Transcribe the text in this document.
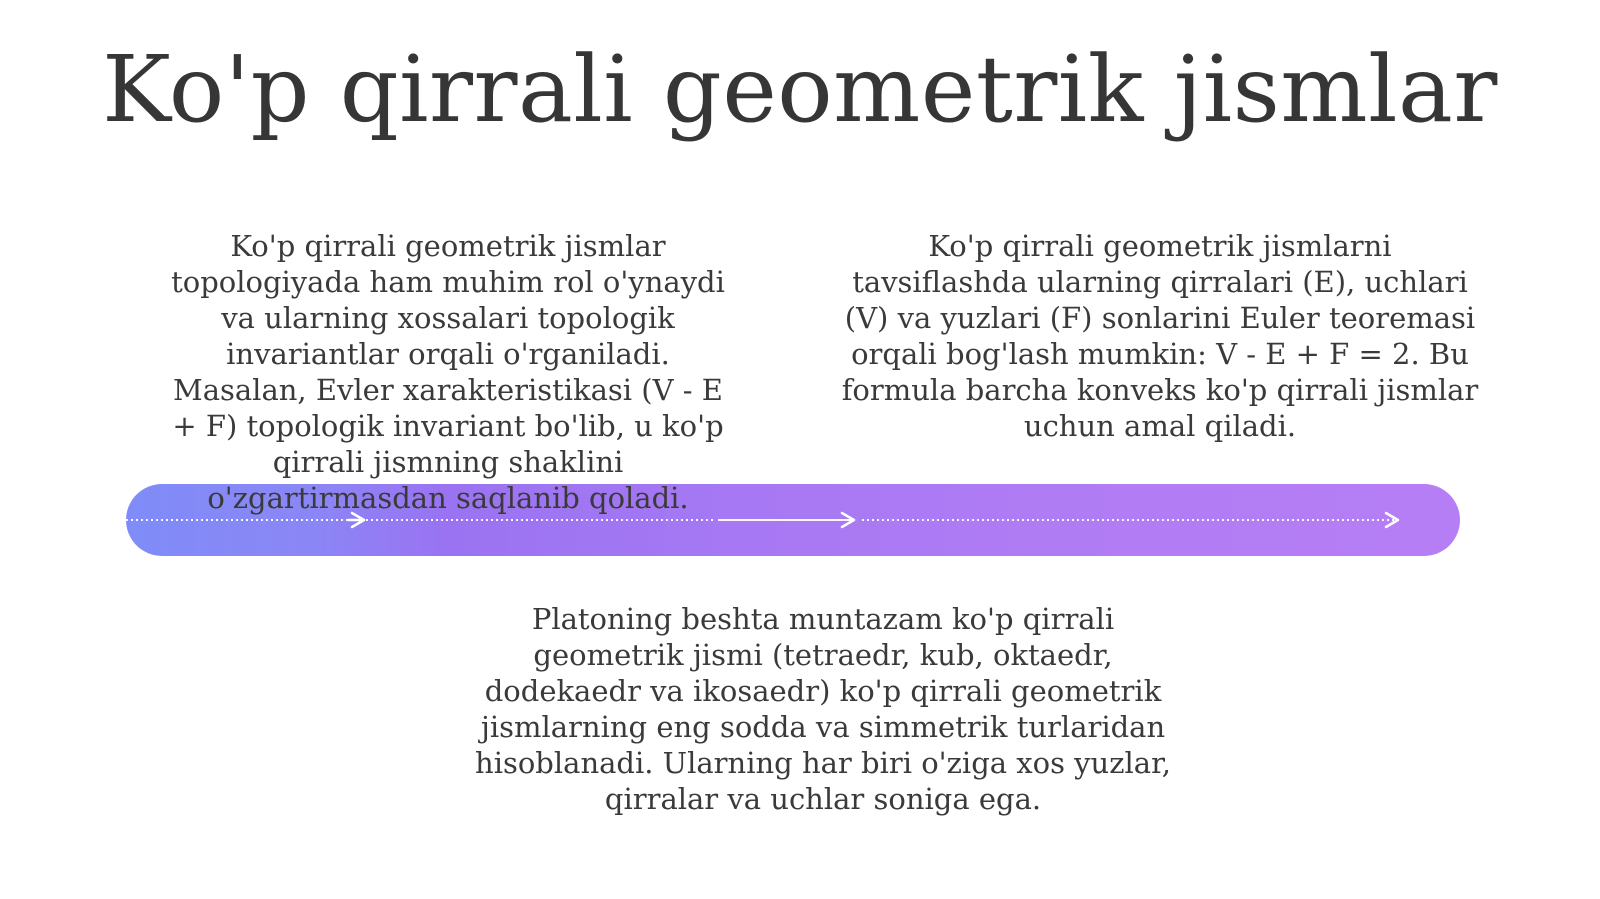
Ko'p qirrali geometrik jismlar

Ko'p qirrali geometrik jismlar topologiyada ham muhim rol o'ynaydi va ularning xossalari topologik invariantlar orqali o'rganiladi. Masalan, Evler xarakteristikasi (V - E + F) topologik invariant bo'lib, u ko'p qirrali jismning shaklini o'zgartirmasdan saqlanib qoladi.

Ko'p qirrali geometrik jismlarni tavsiflashda ularning qirralari (E), uchlari (V) va yuzlari (F) sonlarini Euler teoremasi orqali bog'lash mumkin: V - E + F = 2. Bu formula barcha konveks ko'p qirrali jismlar uchun amal qiladi.

Platoning beshta muntazam ko'p qirrali geometrik jismi (tetraedr, kub, oktaedr, dodekaedr va ikosaedr) ko'p qirrali geometrik jismlarning eng sodda va simmetrik turlaridan hisoblanadi. Ularning har biri o'ziga xos yuzlar, qirralar va uchlar soniga ega.
